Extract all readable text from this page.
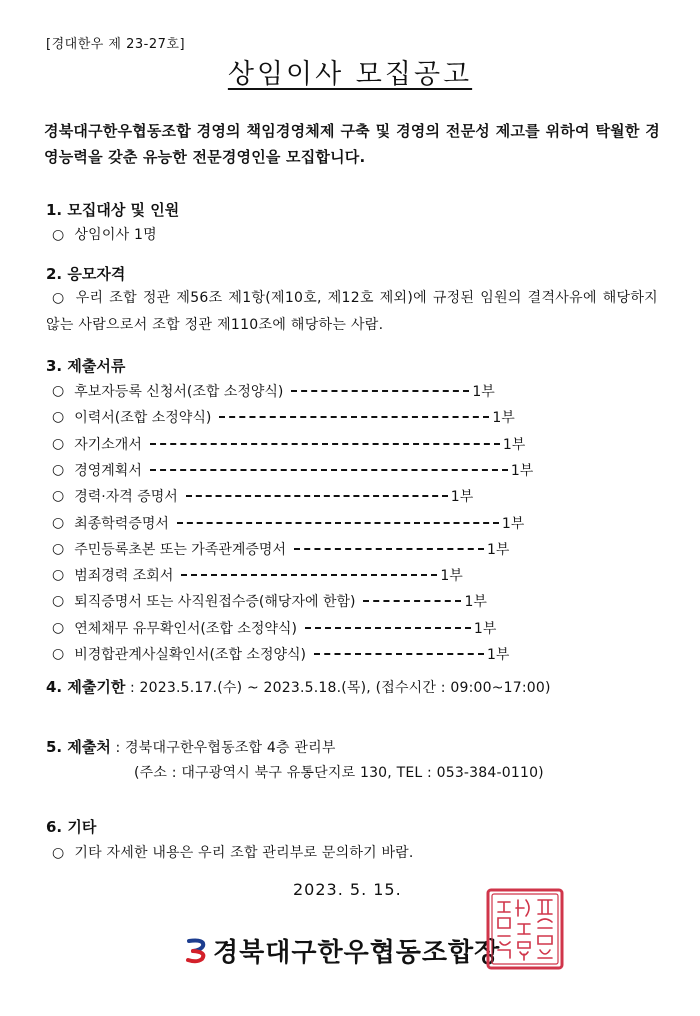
[경대한우 제 23-27호]
상임이사 모집공고
경북대구한우협동조합 경영의 책임경영체제 구축 및 경영의 전문성 제고를 위하여 탁월한 경영능력을 갖춘 유능한 전문경영인을 모집합니다.
1. 모집대상 및 인원
○ 상임이사 1명
2. 응모자격
○ 우리 조합 정관 제56조 제1항(제10호, 제12호 제외)에 규정된 임원의 결격사유에 해당하지 않는 사람으로서 조합 정관 제110조에 해당하는 사람.
3. 제출서류
○ 후보자등록 신청서(조합 소정양식)	1부
○ 이력서(조합 소정약식)	1부
○ 자기소개서	1부
○ 경영계획서	1부
○ 경력·자격 증명서	1부
○ 최종학력증명서	1부
○ 주민등록초본 또는 가족관계증명서	1부
○ 범죄경력 조회서	1부
○ 퇴직증명서 또는 사직원접수증(해당자에 한함)	1부
○ 연체채무 유무확인서(조합 소정약식)	1부
○ 비경합관계사실확인서(조합 소정양식)	1부
4. 제출기한 : 2023.5.17.(수) ~ 2023.5.18.(목), (접수시간 : 09:00~17:00)
5. 제출처 : 경북대구한우협동조합 4층 관리부
(주소 : 대구광역시 북구 유통단지로 130, TEL : 053-384-0110)
6. 기타
○ 기타 자세한 내용은 우리 조합 관리부로 문의하기 바람.
2023. 5. 15.
경북대구한우협동조합장
